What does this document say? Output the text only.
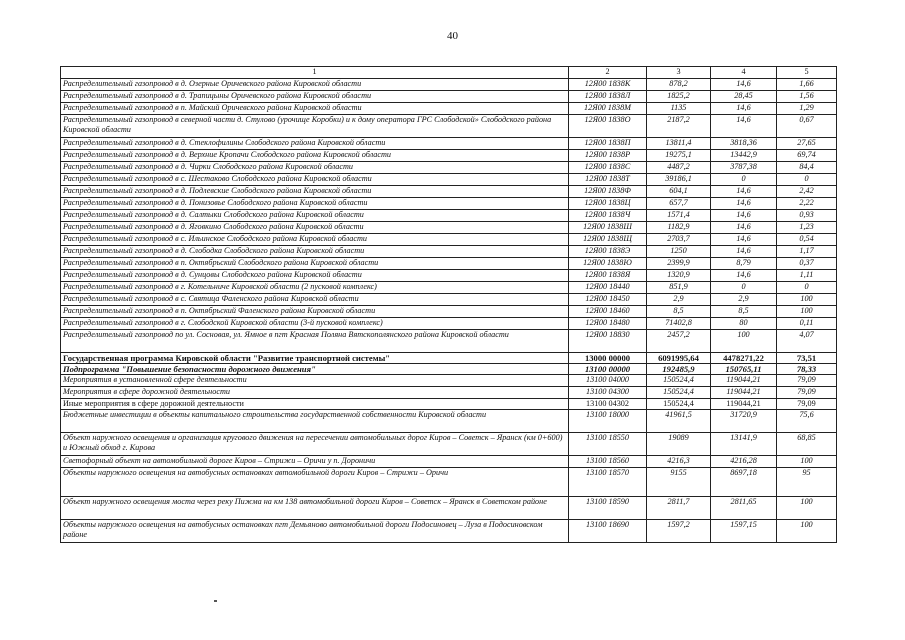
40
1	2	3	4	5
Распределительный газопровод в д. Озерные Оричевского района Кировской области	12Я00 1838К	878,2	14,6	1,66
Распределительный газопровод в д. Трапицыны Оричевского района Кировской области	12Я00 1838Л	1825,2	28,45	1,56
Распределительный газопровод в п. Майский Оричевского района Кировской области	12Я00 1838М	1135	14,6	1,29
Распределительный газопровод в северной части д. Стулово (урочище Коробки) и к дому оператора ГРС Слободской» Слободского района Кировской области	12Я00 1838О	2187,2	14,6	0,67
Распределительный газопровод в д. Стеклофилины Слободского района Кировской области	12Я00 1838П	13811,4	3818,36	27,65
Распределительный газопровод в д. Верхние Кропачи Слободского района Кировской области	12Я00 1838Р	19275,1	13442,9	69,74
Распределительный газопровод в д. Чирки Слободского района Кировской области	12Я00 1838С	4487,2	3787,38	84,4
Распределительный газопровод в с. Шестаково Слободского района Кировской области	12Я00 1838Т	39186,1	0	0
Распределительный газопровод в д. Подлевские Слободского района Кировской области	12Я00 1838Ф	604,1	14,6	2,42
Распределительный газопровод в д. Понизовье Слободского района Кировской области	12Я00 1838Ц	657,7	14,6	2,22
Распределительный газопровод в д. Салтыки Слободского района Кировской области	12Я00 1838Ч	1571,4	14,6	0,93
Распределительный газопровод в д. Яговкино Слободского района Кировской области	12Я00 1838Ш	1182,9	14,6	1,23
Распределительный газопровод в с. Ильинское Слободского района Кировской области	12Я00 1838Щ	2703,7	14,6	0,54
Распределительный газопровод в д. Слободка Слободского района Кировской области	12Я00 1838Э	1250	14,6	1,17
Распределительный газопровод в п. Октябрьский Слободского района Кировской области	12Я00 1838Ю	2399,9	8,79	0,37
Распределительный газопровод в д. Сунцовы Слободского района Кировской области	12Я00 1838Я	1320,9	14,6	1,11
Распределительный газопровод в г. Котельниче Кировской области (2 пусковой комплекс)	12Я00 18440	851,9	0	0
Распределительный газопровод в с. Святица Фаленского района Кировской области	12Я00 18450	2,9	2,9	100
Распределительный газопровод в п. Октябрьский Фаленского района Кировской области	12Я00 18460	8,5	8,5	100
Распределительный газопровод в г. Слободской Кировской области (3-й пусковой комплекс)	12Я00 18480	71402,8	80	0,11
Распределительный газопровод по ул. Сосновая, ул. Ямное в пгт Красная Поляна Вятскополянского района Кировской области	12Я00 18830	2457,2	100	4,07
Государственная программа Кировской области "Развитие транспортной системы"	13000 00000	6091995,64	4478271,22	73,51
Подпрограмма "Повышение безопасности дорожного движения"	13100 00000	192485,9	150765,11	78,33
Мероприятия в установленной сфере деятельности	13100 04000	150524,4	119044,21	79,09
Мероприятия в сфере дорожной деятельности	13100 04300	150524,4	119044,21	79,09
Иные мероприятия в сфере дорожной деятельности	13100 04302	150524,4	119044,21	79,09
Бюджетные инвестиции в объекты капитального строительства государственной собственности Кировской области	13100 18000	41961,5	31720,9	75,6
Объект наружного освещения и организация кругового движения на пересечении автомобильных дорог Киров – Советск – Яранск (км 0+600) и Южный обход г. Кирова	13100 18550	19089	13141,9	68,85
Светофорный объект на автомобильной дороге Киров – Стрижи – Оричи у п. Дороничи	13100 18560	4216,3	4216,28	100
Объекты наружного освещения на автобусных остановках автомобильной дороги Киров – Стрижи – Оричи	13100 18570	9155	8697,18	95
Объект наружного освещения моста через реку Пижма на км 138 автомобильной дороги Киров – Советск – Яранск в Советском районе	13100 18590	2811,7	2811,65	100
Объекты наружного освещения на автобусных остановках пгт Демьяново автомобильной дороги Подосиновец – Луза в Подосиновском районе	13100 18690	1597,2	1597,15	100
